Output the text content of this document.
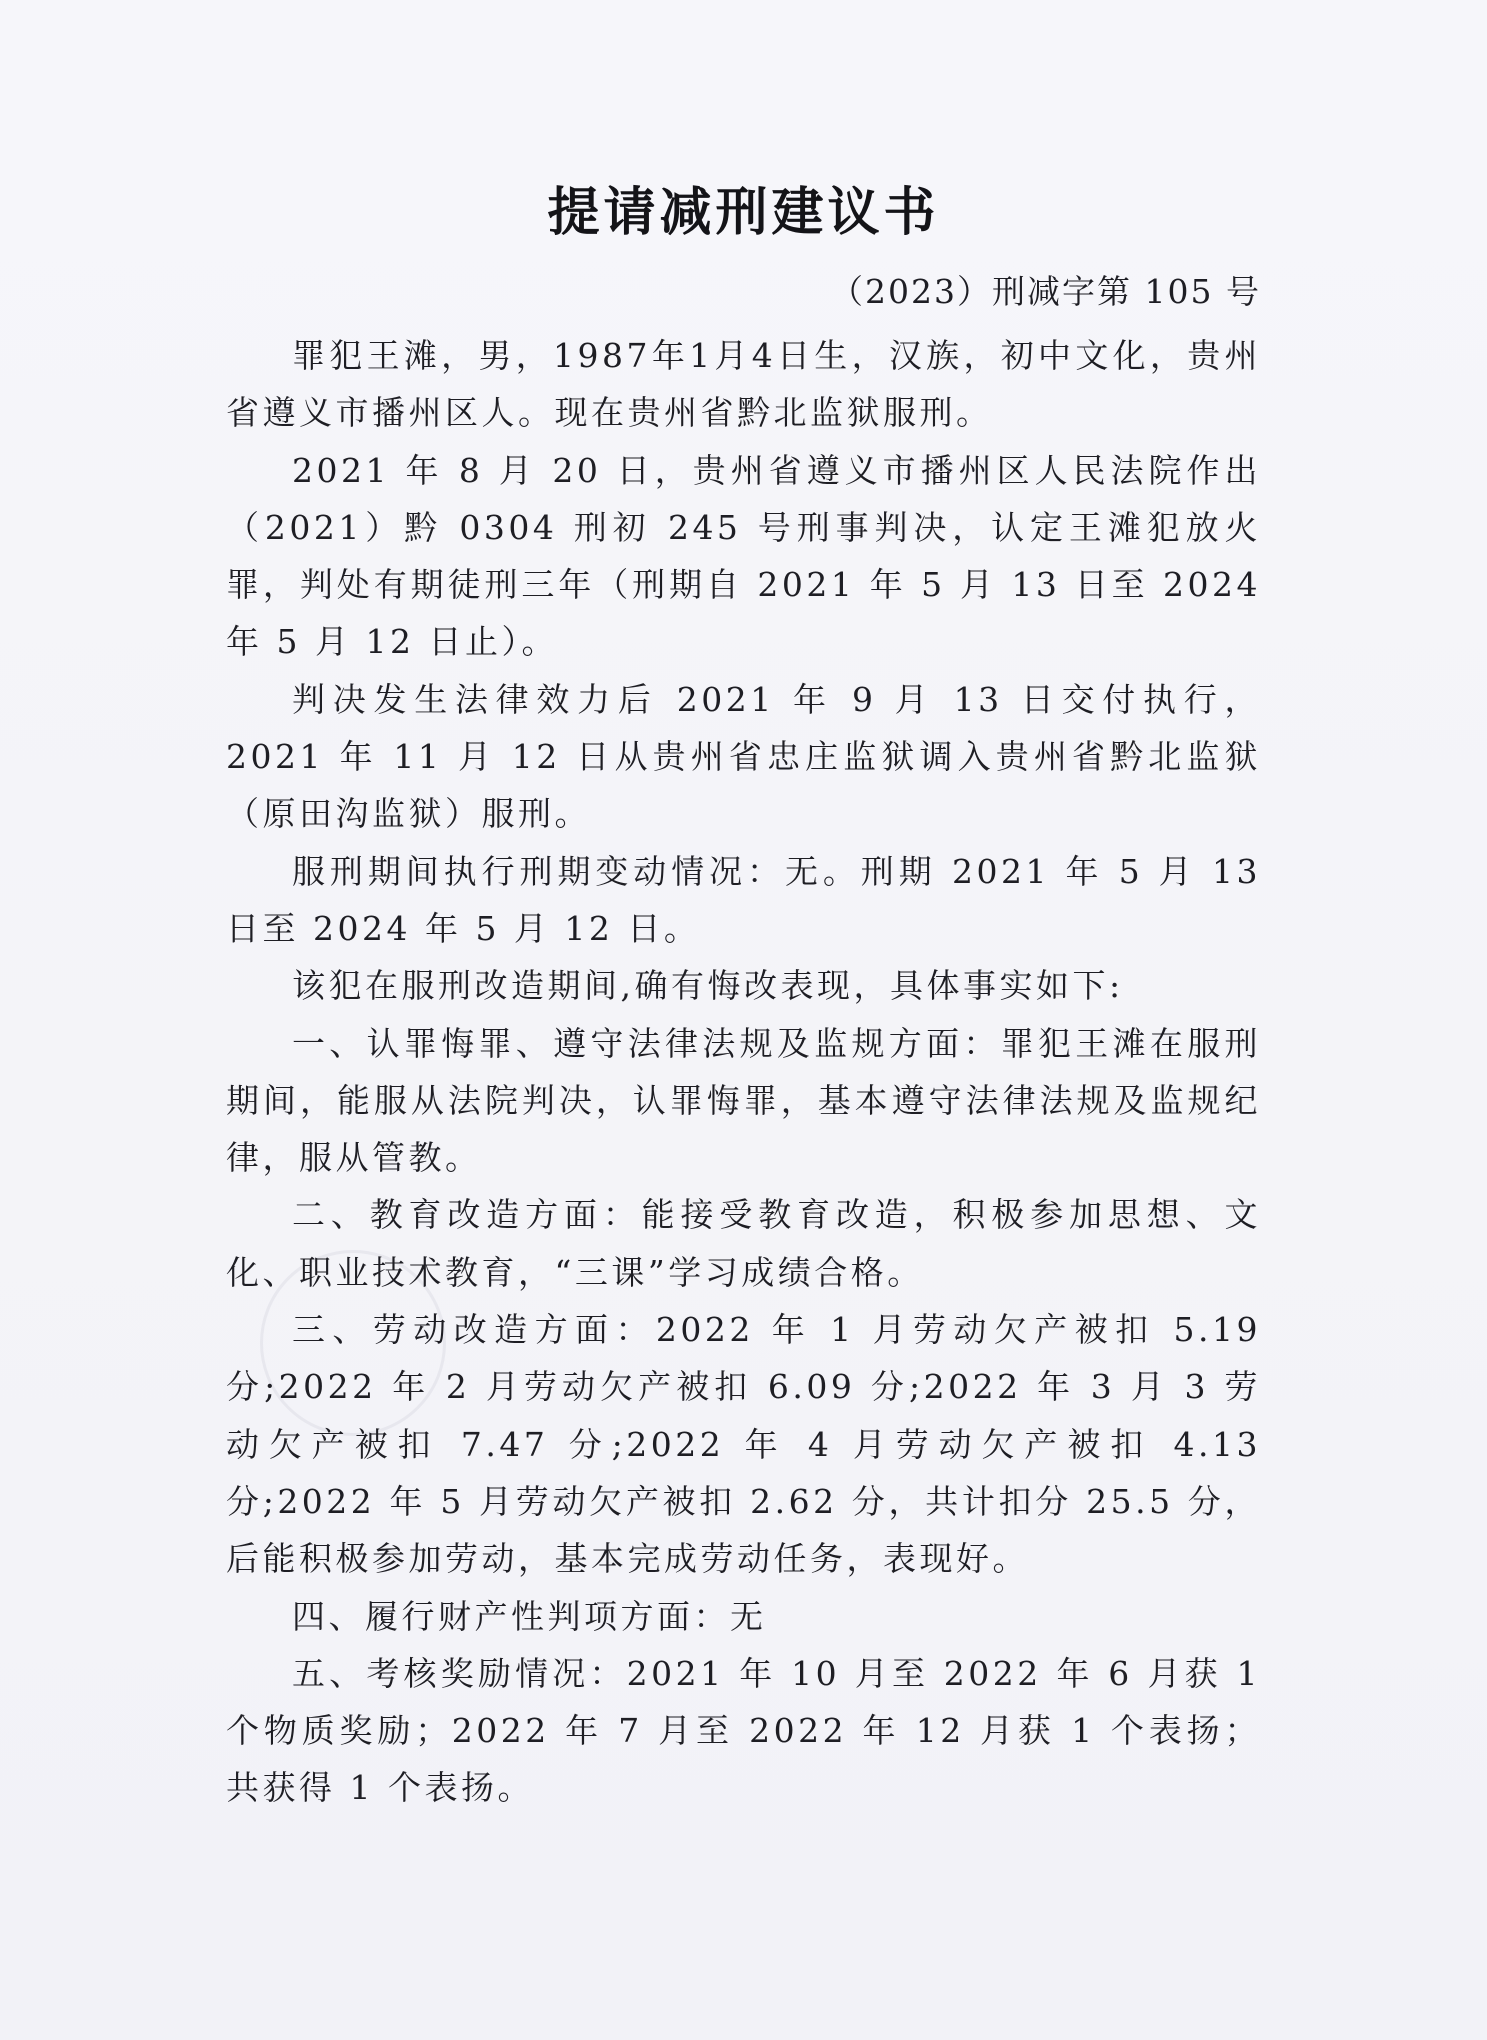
提请减刑建议书
（2023）刑减字第 105 号

罪犯王滩，男，1987年1月4日生，汉族，初中文化，贵州省遵义市播州区人。现在贵州省黔北监狱服刑。

2021 年 8 月 20 日，贵州省遵义市播州区人民法院作出（2021）黔 0304 刑初 245 号刑事判决，认定王滩犯放火罪，判处有期徒刑三年（刑期自 2021 年 5 月 13 日至 2024 年 5 月 12 日止）。

判决发生法律效力后 2021 年 9 月 13 日交付执行，2021 年 11 月 12 日从贵州省忠庄监狱调入贵州省黔北监狱（原田沟监狱）服刑。

服刑期间执行刑期变动情况：无。刑期 2021 年 5 月 13 日至 2024 年 5 月 12 日。

该犯在服刑改造期间,确有悔改表现，具体事实如下:

一、认罪悔罪、遵守法律法规及监规方面：罪犯王滩在服刑期间，能服从法院判决，认罪悔罪，基本遵守法律法规及监规纪律，服从管教。

二、教育改造方面：能接受教育改造，积极参加思想、文化、职业技术教育，“三课”学习成绩合格。

三、劳动改造方面：2022 年 1 月劳动欠产被扣 5.19 分;2022 年 2 月劳动欠产被扣 6.09 分;2022 年 3 月 3 劳动欠产被扣 7.47 分;2022 年 4 月劳动欠产被扣 4.13 分;2022 年 5 月劳动欠产被扣 2.62 分，共计扣分 25.5 分，后能积极参加劳动，基本完成劳动任务，表现好。

四、履行财产性判项方面：无

五、考核奖励情况：2021 年 10 月至 2022 年 6 月获 1 个物质奖励；2022 年 7 月至 2022 年 12 月获 1 个表扬；共获得 1 个表扬。
